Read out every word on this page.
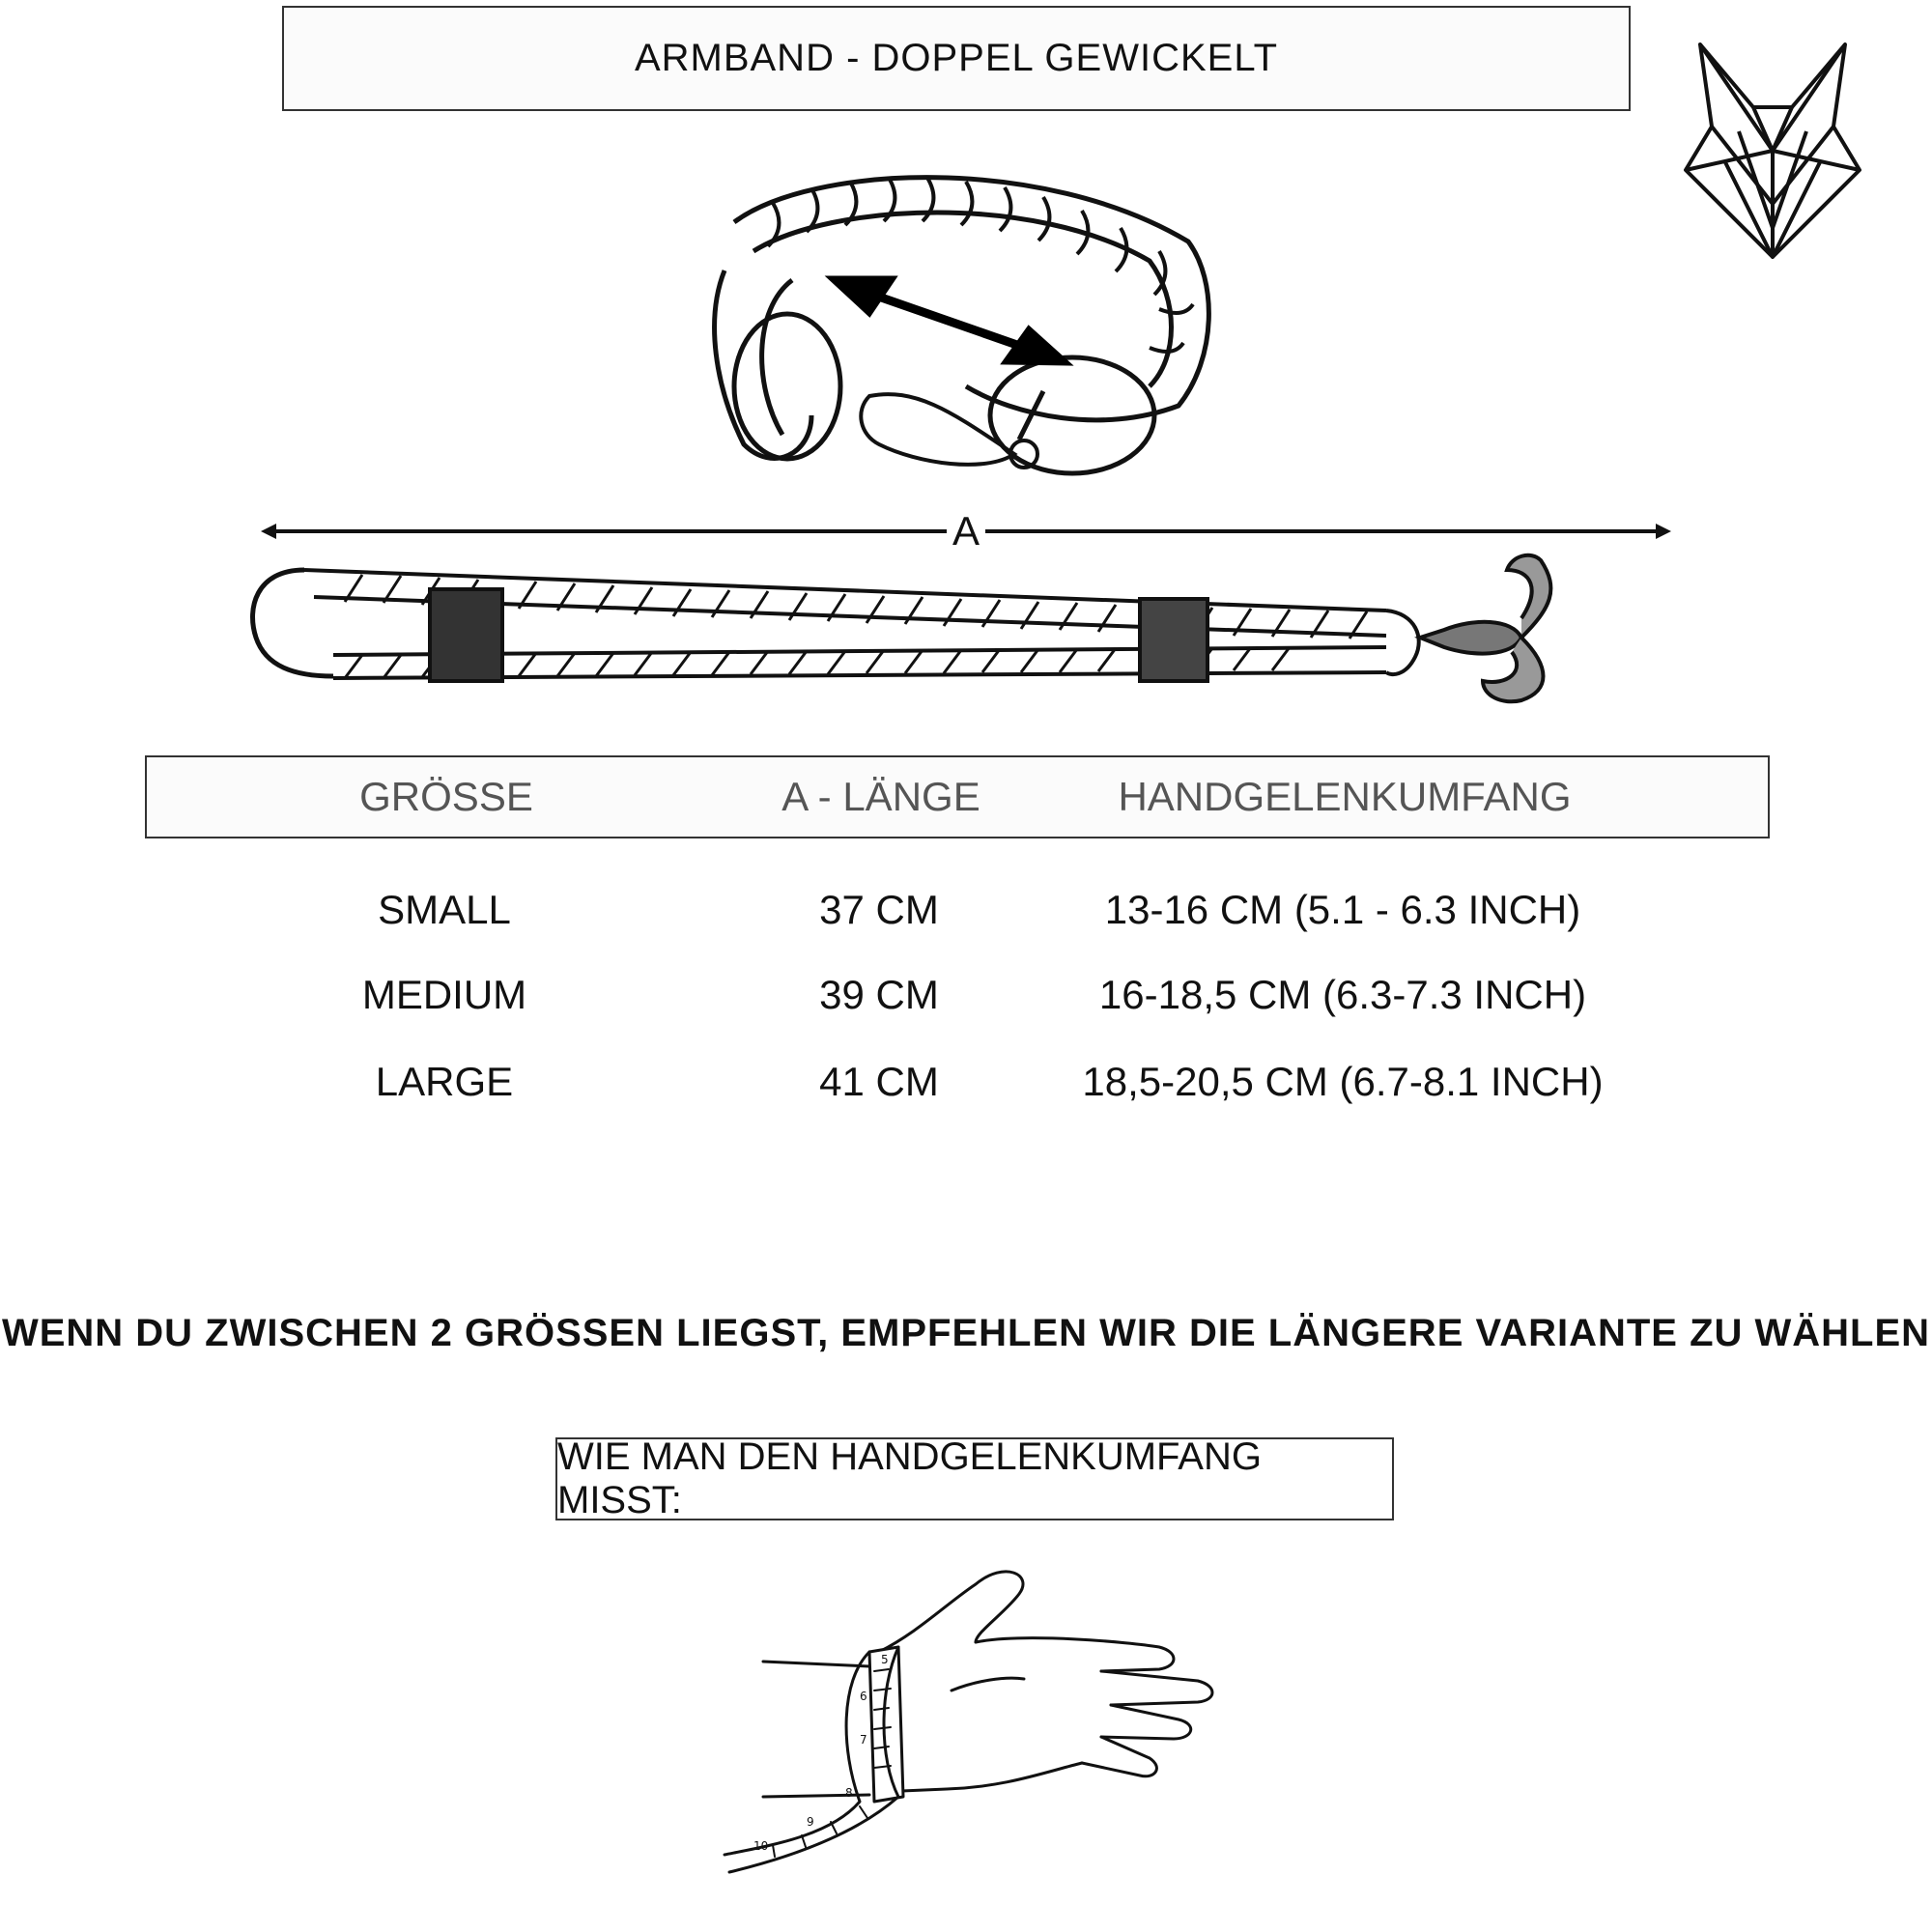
ARMBAND - DOPPEL GEWICKELT
A
GRÖSSE	A - LÄNGE	HANDGELENKUMFANG
SMALL	37 CM	13-16 CM (5.1 - 6.3 INCH)
MEDIUM	39 CM	16-18,5 CM (6.3-7.3 INCH)
LARGE	41 CM	18,5-20,5 CM (6.7-8.1 INCH)
WENN DU ZWISCHEN 2 GRÖSSEN LIEGST, EMPFEHLEN WIR DIE LÄNGERE VARIANTE ZU WÄHLEN
WIE MAN DEN HANDGELENKUMFANG MISST:
5
6
7
8
9
10
